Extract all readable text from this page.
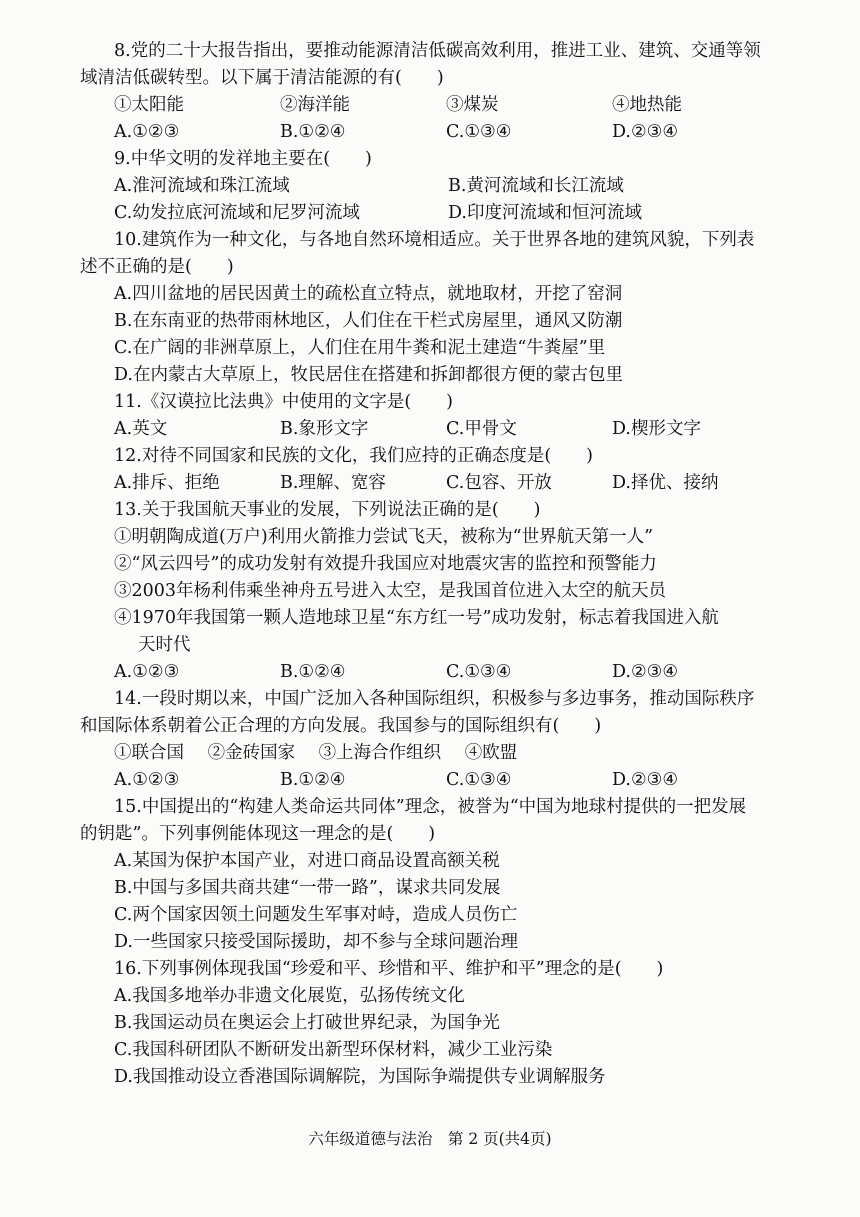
8.党的二十大报告指出，要推动能源清洁低碳高效利用，推进工业、建筑、交通等领

域清洁低碳转型。以下属于清洁能源的有(　　)

①太阳能	②海洋能	③煤炭	④地热能
A.①②③	B.①②④	C.①③④	D.②③④

9.中华文明的发祥地主要在(　　)

A.淮河流域和珠江流域	B.黄河流域和长江流域
C.幼发拉底河流域和尼罗河流域	D.印度河流域和恒河流域

10.建筑作为一种文化，与各地自然环境相适应。关于世界各地的建筑风貌，下列表

述不正确的是(　　)

A.四川盆地的居民因黄土的疏松直立特点，就地取材，开挖了窑洞

B.在东南亚的热带雨林地区，人们住在干栏式房屋里，通风又防潮

C.在广阔的非洲草原上，人们住在用牛粪和泥土建造“牛粪屋”里

D.在内蒙古大草原上，牧民居住在搭建和拆卸都很方便的蒙古包里

11.《汉谟拉比法典》中使用的文字是(　　)

A.英文	B.象形文字	C.甲骨文	D.楔形文字

12.对待不同国家和民族的文化，我们应持的正确态度是(　　)

A.排斥、拒绝	B.理解、宽容	C.包容、开放	D.择优、接纳

13.关于我国航天事业的发展，下列说法正确的是(　　)

①明朝陶成道(万户)利用火箭推力尝试飞天，被称为“世界航天第一人”

②“风云四号”的成功发射有效提升我国应对地震灾害的监控和预警能力

③2003年杨利伟乘坐神舟五号进入太空，是我国首位进入太空的航天员

④1970年我国第一颗人造地球卫星“东方红一号”成功发射，标志着我国进入航

天时代

A.①②③	B.①②④	C.①③④	D.②③④

14.一段时期以来，中国广泛加入各种国际组织，积极参与多边事务，推动国际秩序

和国际体系朝着公正合理的方向发展。我国参与的国际组织有(　　)

①联合国 ②金砖国家 ③上海合作组织 ④欧盟

A.①②③	B.①②④	C.①③④	D.②③④

15.中国提出的“构建人类命运共同体”理念，被誉为“中国为地球村提供的一把发展

的钥匙”。下列事例能体现这一理念的是(　　)

A.某国为保护本国产业，对进口商品设置高额关税

B.中国与多国共商共建“一带一路”，谋求共同发展

C.两个国家因领土问题发生军事对峙，造成人员伤亡

D.一些国家只接受国际援助，却不参与全球问题治理

16.下列事例体现我国“珍爱和平、珍惜和平、维护和平”理念的是(　　)

A.我国多地举办非遗文化展览，弘扬传统文化

B.我国运动员在奥运会上打破世界纪录，为国争光

C.我国科研团队不断研发出新型环保材料，减少工业污染

D.我国推动设立香港国际调解院，为国际争端提供专业调解服务

六年级道德与法治　第 2 页(共4页)
